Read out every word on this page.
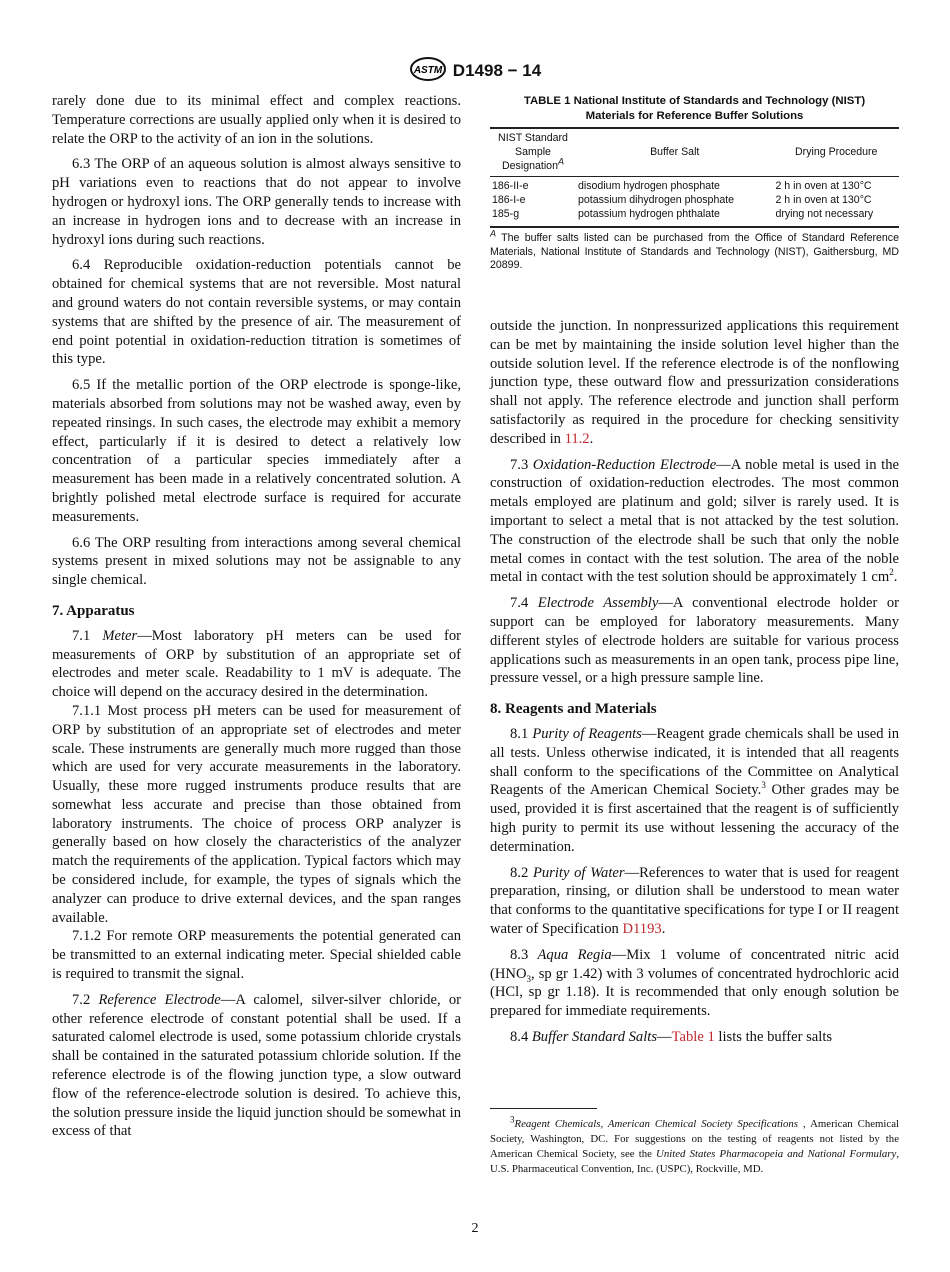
ASTM D1498 − 14
rarely done due to its minimal effect and complex reactions. Temperature corrections are usually applied only when it is desired to relate the ORP to the activity of an ion in the solutions.
6.3 The ORP of an aqueous solution is almost always sensitive to pH variations even to reactions that do not appear to involve hydrogen or hydroxyl ions. The ORP generally tends to increase with an increase in hydrogen ions and to decrease with an increase in hydroxyl ions during such reactions.
6.4 Reproducible oxidation-reduction potentials cannot be obtained for chemical systems that are not reversible. Most natural and ground waters do not contain reversible systems, or may contain systems that are shifted by the presence of air. The measurement of end point potential in oxidation-reduction titration is sometimes of this type.
6.5 If the metallic portion of the ORP electrode is sponge-like, materials absorbed from solutions may not be washed away, even by repeated rinsings. In such cases, the electrode may exhibit a memory effect, particularly if it is desired to detect a relatively low concentration of a particular species immediately after a measurement has been made in a relatively concentrated solution. A brightly polished metal electrode surface is required for accurate measurements.
6.6 The ORP resulting from interactions among several chemical systems present in mixed solutions may not be assignable to any single chemical.
7. Apparatus
7.1 Meter—Most laboratory pH meters can be used for measurements of ORP by substitution of an appropriate set of electrodes and meter scale. Readability to 1 mV is adequate. The choice will depend on the accuracy desired in the determination.
7.1.1 Most process pH meters can be used for measurement of ORP by substitution of an appropriate set of electrodes and meter scale. These instruments are generally much more rugged than those which are used for very accurate measurements in the laboratory. Usually, these more rugged instruments produce results that are somewhat less accurate and precise than those obtained from laboratory instruments. The choice of process ORP analyzer is generally based on how closely the characteristics of the analyzer match the requirements of the application. Typical factors which may be considered include, for example, the types of signals which the analyzer can produce to drive external devices, and the span ranges available.
7.1.2 For remote ORP measurements the potential generated can be transmitted to an external indicating meter. Special shielded cable is required to transmit the signal.
7.2 Reference Electrode—A calomel, silver-silver chloride, or other reference electrode of constant potential shall be used. If a saturated calomel electrode is used, some potassium chloride crystals shall be contained in the saturated potassium chloride solution. If the reference electrode is of the flowing junction type, a slow outward flow of the reference-electrode solution is desired. To achieve this, the solution pressure inside the liquid junction should be somewhat in excess of that
TABLE 1 National Institute of Standards and Technology (NIST)
Materials for Reference Buffer Solutions
NIST Standard Sample Designation$^A$	Buffer Salt	Drying Procedure
186-II-e	disodium hydrogen phosphate	2 h in oven at 130°C
186-I-e	potassium dihydrogen phosphate	2 h in oven at 130°C
185-g	potassium hydrogen phthalate	drying not necessary
$^A$ The buffer salts listed can be purchased from the Office of Standard Reference Materials, National Institute of Standards and Technology (NIST), Gaithersburg, MD 20899.
outside the junction. In nonpressurized applications this requirement can be met by maintaining the inside solution level higher than the outside solution level. If the reference electrode is of the nonflowing junction type, these outward flow and pressurization considerations shall not apply. The reference electrode and junction shall perform satisfactorily as required in the procedure for checking sensitivity described in 11.2.
7.3 Oxidation-Reduction Electrode—A noble metal is used in the construction of oxidation-reduction electrodes. The most common metals employed are platinum and gold; silver is rarely used. It is important to select a metal that is not attacked by the test solution. The construction of the electrode shall be such that only the noble metal comes in contact with the test solution. The area of the noble metal in contact with the test solution should be approximately 1 $cm^2$.
7.4 Electrode Assembly—A conventional electrode holder or support can be employed for laboratory measurements. Many different styles of electrode holders are suitable for various process applications such as measurements in an open tank, process pipe line, pressure vessel, or a high pressure sample line.
8. Reagents and Materials
8.1 Purity of Reagents—Reagent grade chemicals shall be used in all tests. Unless otherwise indicated, it is intended that all reagents shall conform to the specifications of the Committee on Analytical Reagents of the American Chemical Society.$^3$ Other grades may be used, provided it is first ascertained that the reagent is of sufficiently high purity to permit its use without lessening the accuracy of the determination.
8.2 Purity of Water—References to water that is used for reagent preparation, rinsing, or dilution shall be understood to mean water that conforms to the quantitative specifications for type I or II reagent water of Specification D1193.
8.3 Aqua Regia—Mix 1 volume of concentrated nitric acid ($HNO_3$, sp gr 1.42) with 3 volumes of concentrated hydrochloric acid (HCl, sp gr 1.18). It is recommended that only enough solution be prepared for immediate requirements.
8.4 Buffer Standard Salts—Table 1 lists the buffer salts
$^3$Reagent Chemicals, American Chemical Society Specifications , American Chemical Society, Washington, DC. For suggestions on the testing of reagents not listed by the American Chemical Society, see the United States Pharmacopeia and National Formulary, U.S. Pharmaceutical Convention, Inc. (USPC), Rockville, MD.
2
